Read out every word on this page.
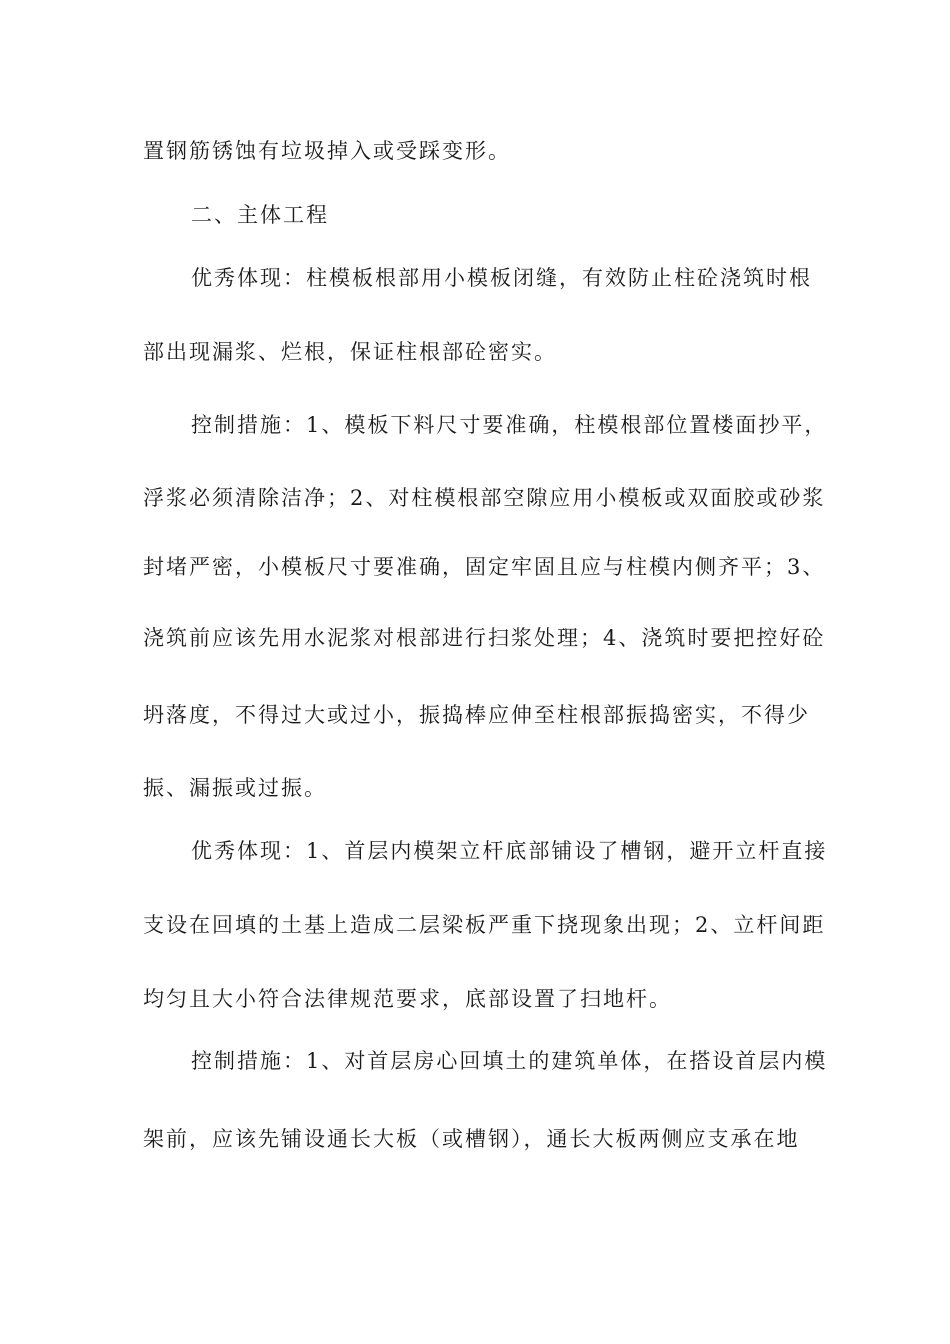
置钢筋锈蚀有垃圾掉入或受踩变形。
二、主体工程
优秀体现：柱模板根部用小模板闭缝，有效防止柱砼浇筑时根
部出现漏浆、烂根，保证柱根部砼密实。
控制措施：1、模板下料尺寸要准确，柱模根部位置楼面抄平，
浮浆必须清除洁净；2、对柱模根部空隙应用小模板或双面胶或砂浆
封堵严密，小模板尺寸要准确，固定牢固且应与柱模内侧齐平；3、
浇筑前应该先用水泥浆对根部进行扫浆处理；4、浇筑时要把控好砼
坍落度，不得过大或过小，振捣棒应伸至柱根部振捣密实，不得少
振、漏振或过振。
优秀体现：1、首层内模架立杆底部铺设了槽钢，避开立杆直接
支设在回填的土基上造成二层梁板严重下挠现象出现；2、立杆间距
均匀且大小符合法律规范要求，底部设置了扫地杆。
控制措施：1、对首层房心回填土的建筑单体，在搭设首层内模
架前，应该先铺设通长大板（或槽钢），通长大板两侧应支承在地
